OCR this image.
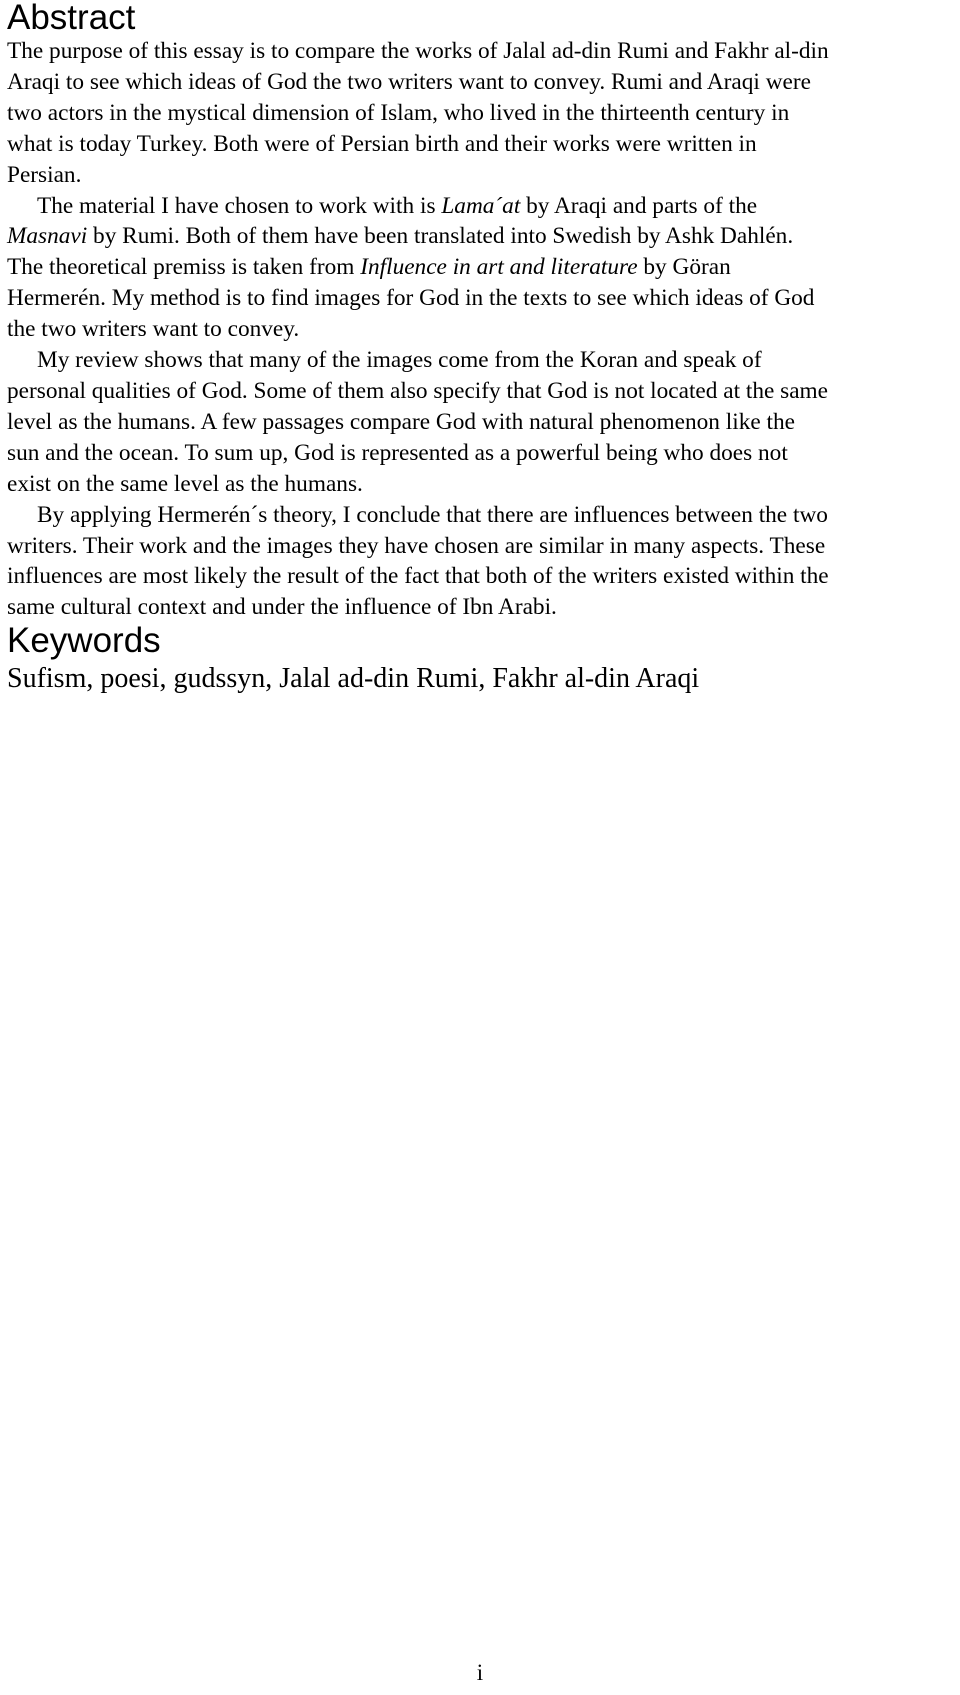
Abstract

The purpose of this essay is to compare the works of Jalal ad-din Rumi and Fakhr al-din
Araqi to see which ideas of God the two writers want to convey. Rumi and Araqi were
two actors in the mystical dimension of Islam, who lived in the thirteenth century in
what is today Turkey. Both were of Persian birth and their works were written in
Persian.

The material I have chosen to work with is Lama´at by Araqi and parts of the
Masnavi by Rumi. Both of them have been translated into Swedish by Ashk Dahlén.
The theoretical premiss is taken from Influence in art and literature by Göran
Hermerén. My method is to find images for God in the texts to see which ideas of God
the two writers want to convey.

My review shows that many of the images come from the Koran and speak of
personal qualities of God. Some of them also specify that God is not located at the same
level as the humans. A few passages compare God with natural phenomenon like the
sun and the ocean. To sum up, God is represented as a powerful being who does not
exist on the same level as the humans.

By applying Hermerén´s theory, I conclude that there are influences between the two
writers. Their work and the images they have chosen are similar in many aspects. These
influences are most likely the result of the fact that both of the writers existed within the
same cultural context and under the influence of Ibn Arabi.

Keywords

Sufism, poesi, gudssyn, Jalal ad-din Rumi, Fakhr al-din Araqi

i
